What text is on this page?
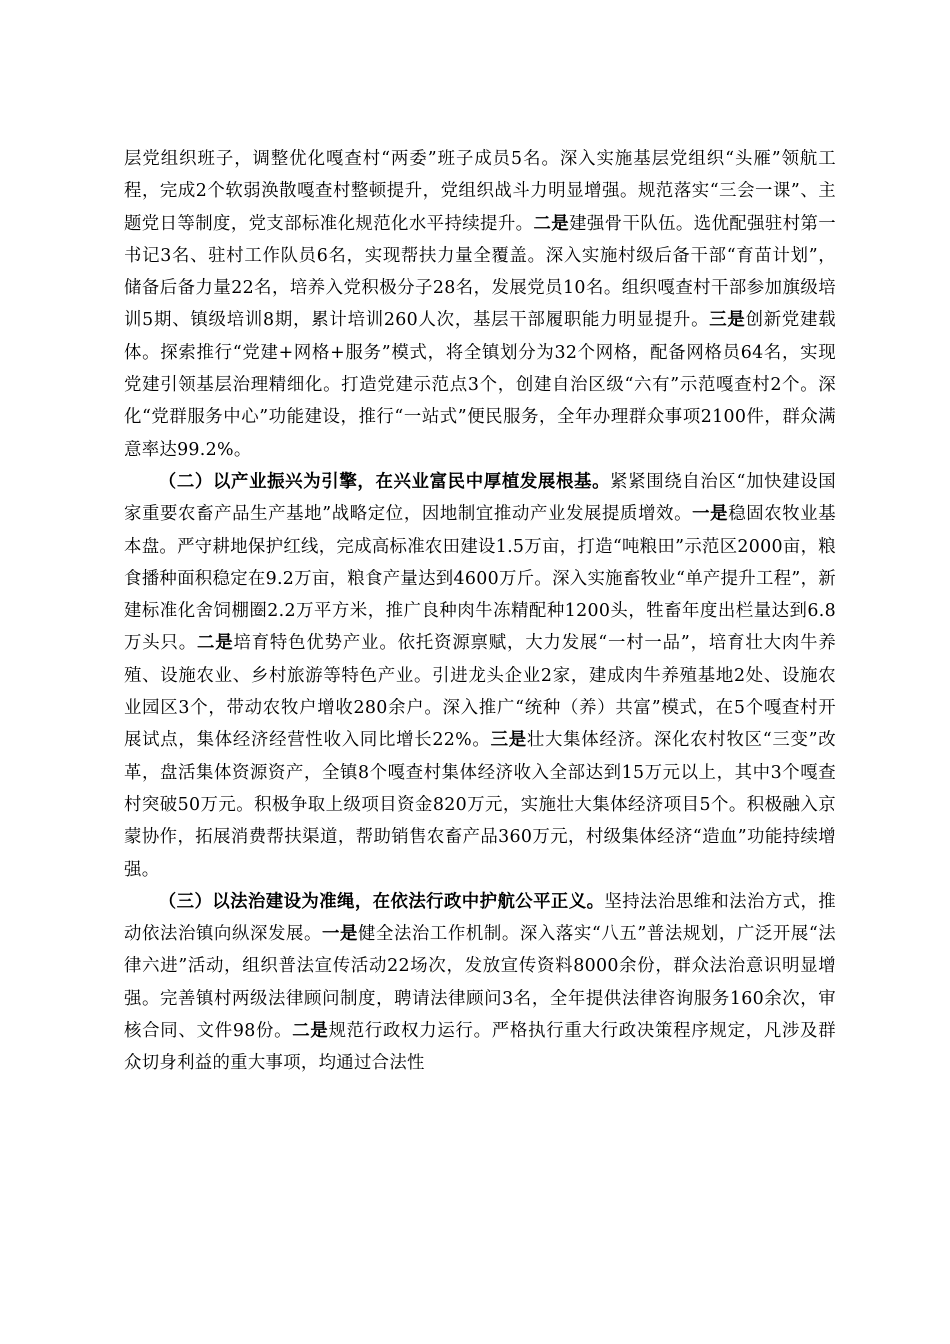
层党组织班子，调整优化嘎查村“两委”班子成员5名。深入实施基层党组织“头雁”领航工程，完成2个软弱涣散嘎查村整顿提升，党组织战斗力明显增强。规范落实“三会一课”、主题党日等制度，党支部标准化规范化水平持续提升。二是建强骨干队伍。选优配强驻村第一书记3名、驻村工作队员6名，实现帮扶力量全覆盖。深入实施村级后备干部“育苗计划”，储备后备力量22名，培养入党积极分子28名，发展党员10名。组织嘎查村干部参加旗级培训5期、镇级培训8期，累计培训260人次，基层干部履职能力明显提升。三是创新党建载体。探索推行“党建+网格+服务”模式，将全镇划分为32个网格，配备网格员64名，实现党建引领基层治理精细化。打造党建示范点3个，创建自治区级“六有”示范嘎查村2个。深化“党群服务中心”功能建设，推行“一站式”便民服务，全年办理群众事项2100件，群众满意率达99.2%。

（二）以产业振兴为引擎，在兴业富民中厚植发展根基。紧紧围绕自治区“加快建设国家重要农畜产品生产基地”战略定位，因地制宜推动产业发展提质增效。一是稳固农牧业基本盘。严守耕地保护红线，完成高标准农田建设1.5万亩，打造“吨粮田”示范区2000亩，粮食播种面积稳定在9.2万亩，粮食产量达到4600万斤。深入实施畜牧业“单产提升工程”，新建标准化舍饲棚圈2.2万平方米，推广良种肉牛冻精配种1200头，牲畜年度出栏量达到6.8万头只。二是培育特色优势产业。依托资源禀赋，大力发展“一村一品”，培育壮大肉牛养殖、设施农业、乡村旅游等特色产业。引进龙头企业2家，建成肉牛养殖基地2处、设施农业园区3个，带动农牧户增收280余户。深入推广“统种（养）共富”模式，在5个嘎查村开展试点，集体经济经营性收入同比增长22%。三是壮大集体经济。深化农村牧区“三变”改革，盘活集体资源资产，全镇8个嘎查村集体经济收入全部达到15万元以上，其中3个嘎查村突破50万元。积极争取上级项目资金820万元，实施壮大集体经济项目5个。积极融入京蒙协作，拓展消费帮扶渠道，帮助销售农畜产品360万元，村级集体经济“造血”功能持续增强。

（三）以法治建设为准绳，在依法行政中护航公平正义。坚持法治思维和法治方式，推动依法治镇向纵深发展。一是健全法治工作机制。深入落实“八五”普法规划，广泛开展“法律六进”活动，组织普法宣传活动22场次，发放宣传资料8000余份，群众法治意识明显增强。完善镇村两级法律顾问制度，聘请法律顾问3名，全年提供法律咨询服务160余次，审核合同、文件98份。二是规范行政权力运行。严格执行重大行政决策程序规定，凡涉及群众切身利益的重大事项，均通过合法性
